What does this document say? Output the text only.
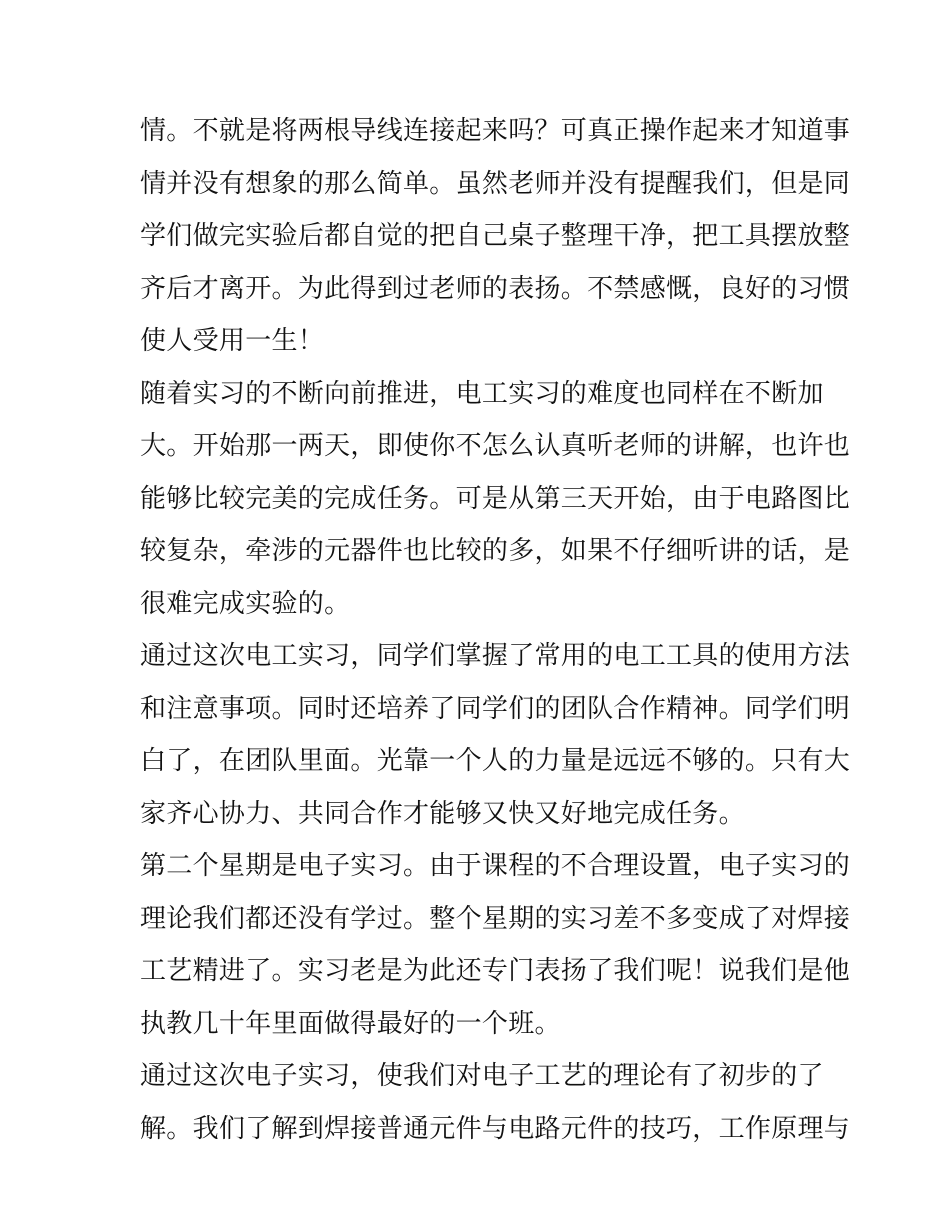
情。不就是将两根导线连接起来吗？可真正操作起来才知道事
情并没有想象的那么简单。虽然老师并没有提醒我们，但是同
学们做完实验后都自觉的把自己桌子整理干净，把工具摆放整
齐后才离开。为此得到过老师的表扬。不禁感慨，良好的习惯
使人受用一生！
随着实习的不断向前推进，电工实习的难度也同样在不断加
大。开始那一两天，即使你不怎么认真听老师的讲解，也许也
能够比较完美的完成任务。可是从第三天开始，由于电路图比
较复杂，牵涉的元器件也比较的多，如果不仔细听讲的话，是
很难完成实验的。
通过这次电工实习，同学们掌握了常用的电工工具的使用方法
和注意事项。同时还培养了同学们的团队合作精神。同学们明
白了，在团队里面。光靠一个人的力量是远远不够的。只有大
家齐心协力、共同合作才能够又快又好地完成任务。
第二个星期是电子实习。由于课程的不合理设置，电子实习的
理论我们都还没有学过。整个星期的实习差不多变成了对焊接
工艺精进了。实习老是为此还专门表扬了我们呢！说我们是他
执教几十年里面做得最好的一个班。
通过这次电子实习，使我们对电子工艺的理论有了初步的了
解。我们了解到焊接普通元件与电路元件的技巧，工作原理与
